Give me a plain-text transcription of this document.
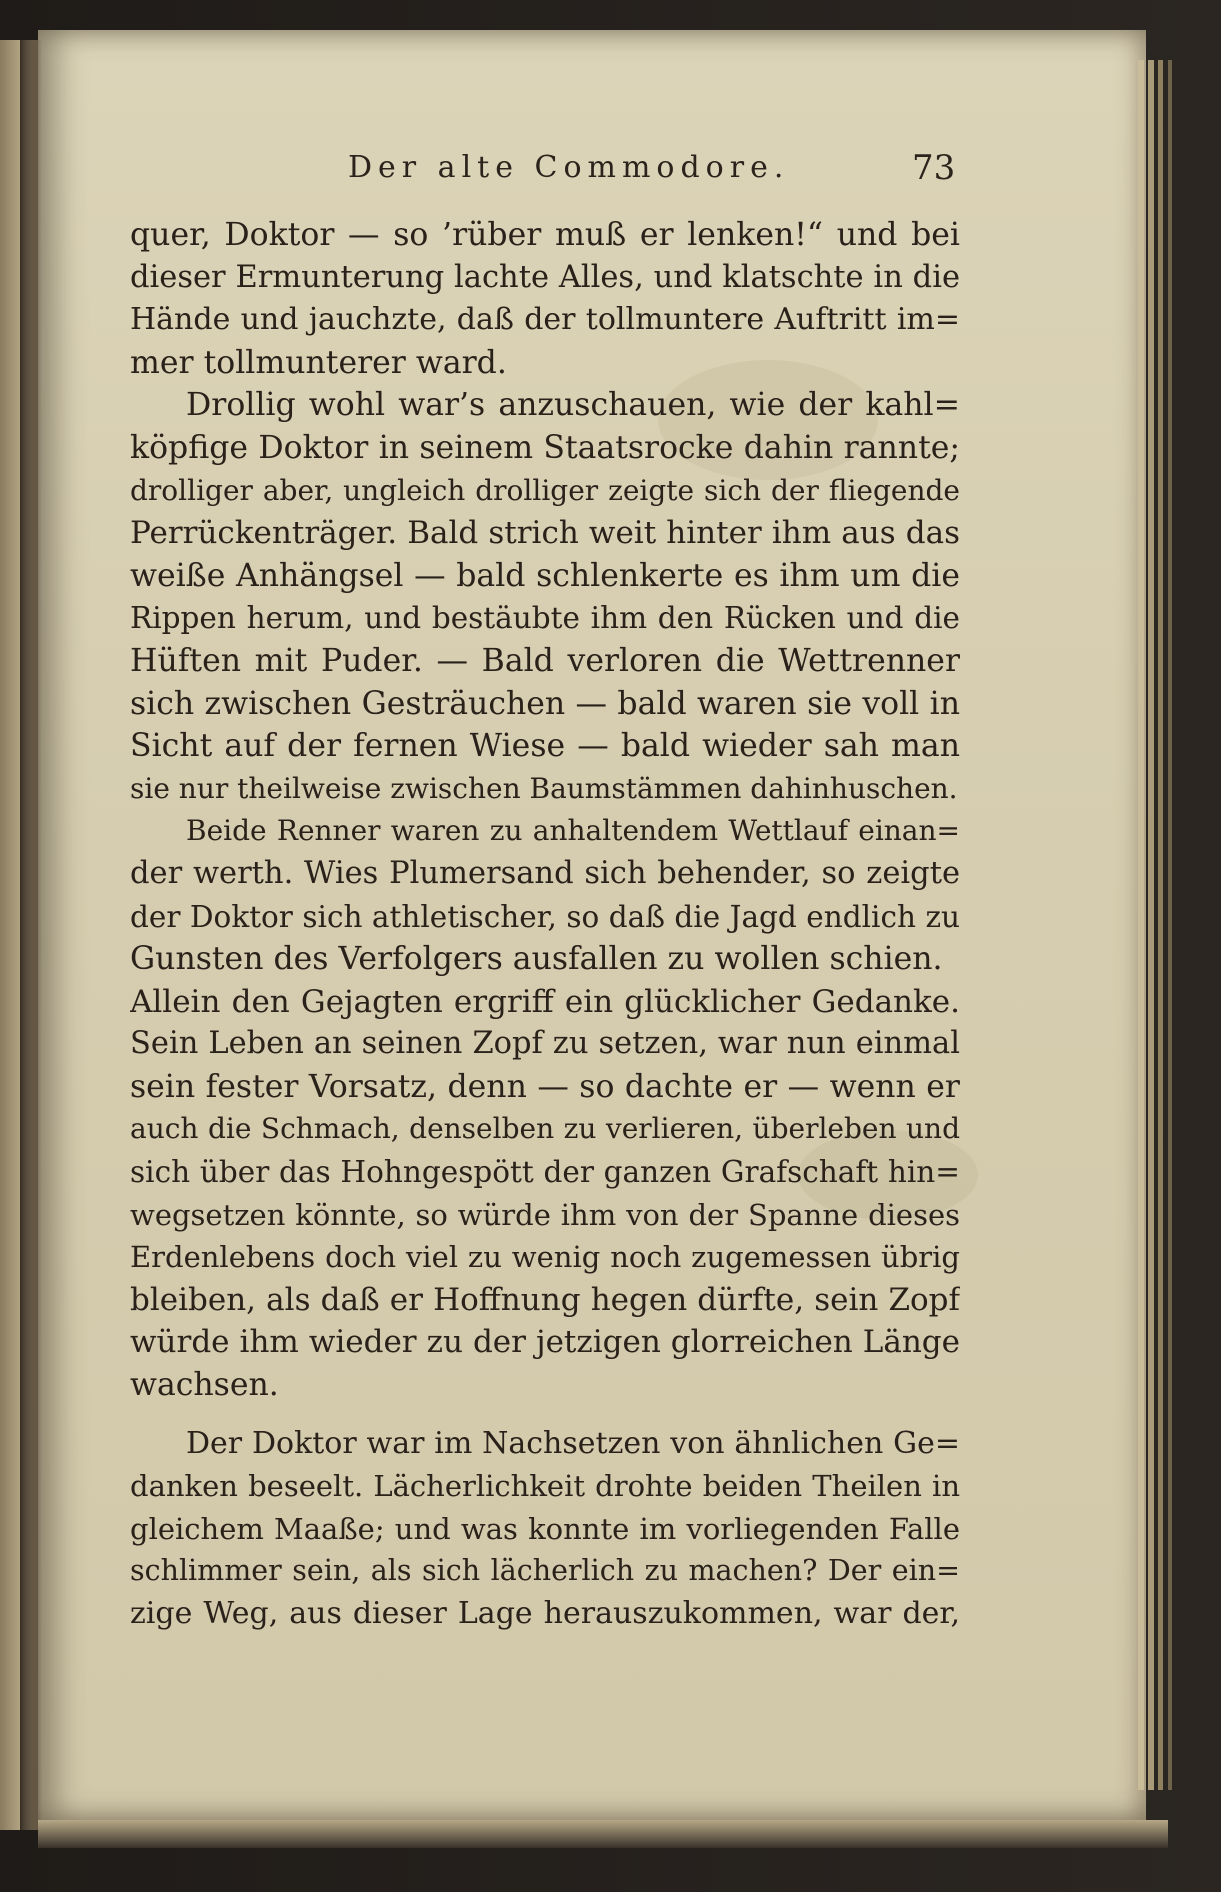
Der alte Commodore.	73
quer, Doktor — so ’rüber muß er lenken!“ und bei
dieser Ermunterung lachte Alles, und klatschte in die
Hände und jauchzte, daß der tollmuntere Auftritt im=
mer tollmunterer ward.
Drollig wohl war’s anzuschauen, wie der kahl=
köpfige Doktor in seinem Staatsrocke dahin rannte;
drolliger aber, ungleich drolliger zeigte sich der fliegende
Perrückenträger. Bald strich weit hinter ihm aus das
weiße Anhängsel — bald schlenkerte es ihm um die
Rippen herum, und bestäubte ihm den Rücken und die
Hüften mit Puder. — Bald verloren die Wettrenner
sich zwischen Gesträuchen — bald waren sie voll in
Sicht auf der fernen Wiese — bald wieder sah man
sie nur theilweise zwischen Baumstämmen dahinhuschen.
Beide Renner waren zu anhaltendem Wettlauf einan=
der werth. Wies Plumersand sich behender, so zeigte
der Doktor sich athletischer, so daß die Jagd endlich zu
Gunsten des Verfolgers ausfallen zu wollen schien.
Allein den Gejagten ergriff ein glücklicher Gedanke.
Sein Leben an seinen Zopf zu setzen, war nun einmal
sein fester Vorsatz, denn — so dachte er — wenn er
auch die Schmach, denselben zu verlieren, überleben und
sich über das Hohngespött der ganzen Grafschaft hin=
wegsetzen könnte, so würde ihm von der Spanne dieses
Erdenlebens doch viel zu wenig noch zugemessen übrig
bleiben, als daß er Hoffnung hegen dürfte, sein Zopf
würde ihm wieder zu der jetzigen glorreichen Länge
wachsen.
Der Doktor war im Nachsetzen von ähnlichen Ge=
danken beseelt. Lächerlichkeit drohte beiden Theilen in
gleichem Maaße; und was konnte im vorliegenden Falle
schlimmer sein, als sich lächerlich zu machen? Der ein=
zige Weg, aus dieser Lage herauszukommen, war der,
